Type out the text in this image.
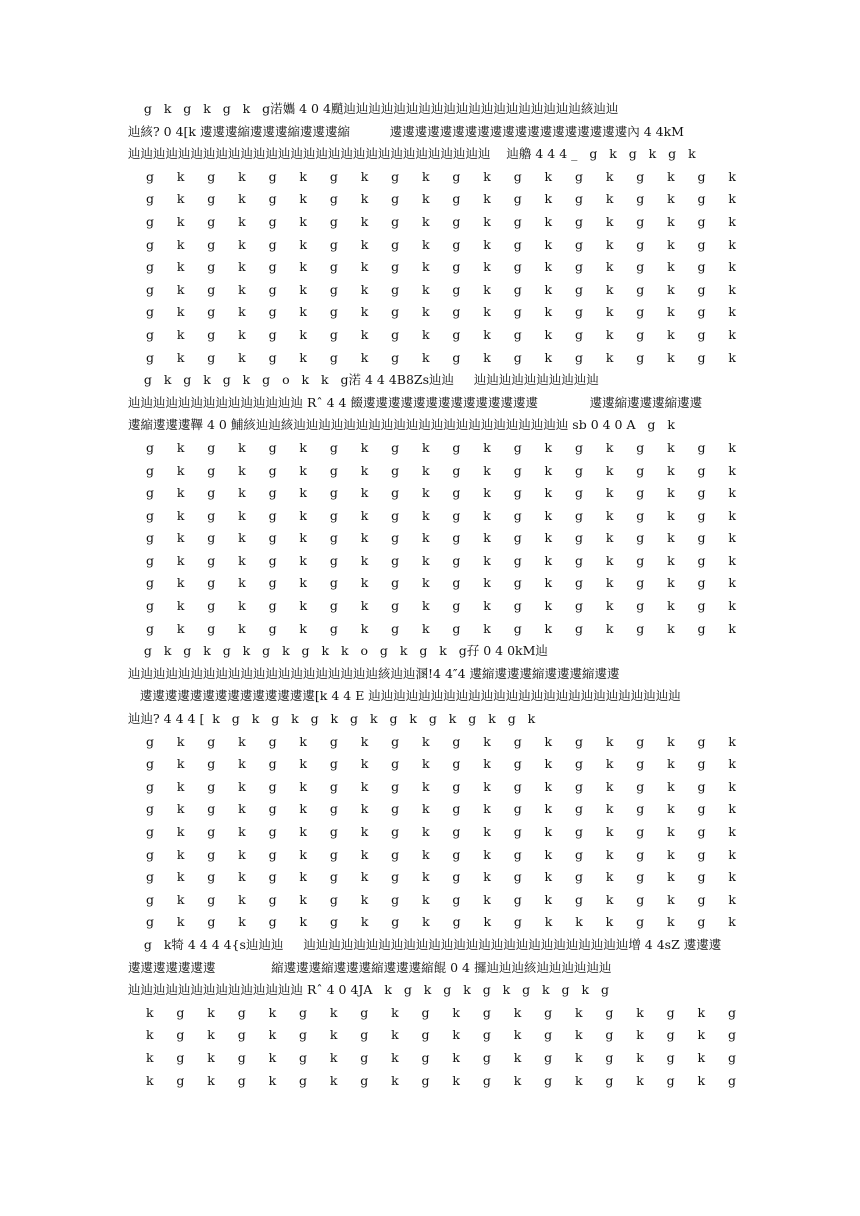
g   k   g   k   g   k   g渃孈 4 0 4颵辿辿辿辿辿辿辿辿辿辿辿辿辿辿辿辿辿辿辿絯辿辿
辿絯? 0 4[k 遱遱遱縮遱遱遱縮遱遱遱縮          遱遱遱遱遱遱遱遱遱遱遱遱遱遱遱遱遱遱遱內 4 4kM
辿辿辿辿辿辿辿辿辿辿辿辿辿辿辿辿辿辿辿辿辿辿辿辿辿辿辿辿辿    辿艪 4 4 4 _   g   k   g   k   g   k
g k g k g k g k g k g k g k g k g k g k
g k g k g k g k g k g k g k g k g k g k
g k g k g k g k g k g k g k g k g k g k
g k g k g k g k g k g k g k g k g k g k
g k g k g k g k g k g k g k g k g k g k
g k g k g k g k g k g k g k g k g k g k
g k g k g k g k g k g k g k g k g k g k
g k g k g k g k g k g k g k g k g k g k
g k g k g k g k g k g k g k g k g k g k
g   k   g   k   g   k   g   o   k   k   g渃 4 4 4B8Zs辿辿     辿辿辿辿辿辿辿辿辿辿
辿辿辿辿辿辿辿辿辿辿辿辿辿辿 Rˆ 4 4 餟遱遱遱遱遱遱遱遱遱遱遱遱遱遱             遱遱縮遱遱遱縮遱遱
遱縮遱遱遱鞸 4 0 鯆絯辿辿絯辿辿辿辿辿辿辿辿辿辿辿辿辿辿辿辿辿辿辿辿辿辿 sb 0 4 0 A   g   k
g k g k g k g k g k g k g k g k g k g k
g k g k g k g k g k g k g k g k g k g k
g k g k g k g k g k g k g k g k g k g k
g k g k g k g k g k g k g k g k g k g k
g k g k g k g k g k g k g k g k g k g k
g k g k g k g k g k g k g k g k g k g k
g k g k g k g k g k g k g k g k g k g k
g k g k g k g k g k g k g k g k g k g k
g k g k g k g k g k g k g k g k g k g k
g   k   g   k   g   k   g   k   g   k   k   o   g   k   g   k   g孖 0 4 0kM辿
辿辿辿辿辿辿辿辿辿辿辿辿辿辿辿辿辿辿辿辿絯辿辿溷!4 4″4 遱縮遱遱遱縮遱遱遱縮遱遱
遱遱遱遱遱遱遱遱遱遱遱遱遱遱[k 4 4 E 辿辿辿辿辿辿辿辿辿辿辿辿辿辿辿辿辿辿辿辿辿辿辿辿辿
辿辿? 4 4 4 [  k   g   k   g   k   g   k   g   k   g   k   g   k   g   k   g   k
g k g k g k g k g k g k g k g k g k g k
g k g k g k g k g k g k g k g k g k g k
g k g k g k g k g k g k g k g k g k g k
g k g k g k g k g k g k g k g k g k g k
g k g k g k g k g k g k g k g k g k g k
g k g k g k g k g k g k g k g k g k g k
g k g k g k g k g k g k g k g k g k g k
g k g k g k g k g k g k g k g k g k g k
g k g k g k g k g k g k g k k k g k g k
g   k犄 4 4 4 4{s辿辿辿     辿辿辿辿辿辿辿辿辿辿辿辿辿辿辿辿辿辿辿辿辿辿辿辿辿辿增 4 4sZ 遱遱遱
遱遱遱遱遱遱遱              縮遱遱遱縮遱遱遱縮遱遱遱縮餛 0 4 攞辿辿辿絯辿辿辿辿辿辿
辿辿辿辿辿辿辿辿辿辿辿辿辿辿 Rˆ 4 0 4JA   k   g   k   g   k   g   k   g   k   g   k   g
k g k g k g k g k g k g k g k g k g k g
k g k g k g k g k g k g k g k g k g k g
k g k g k g k g k g k g k g k g k g k g
k g k g k g k g k g k g k g k g k g k g
